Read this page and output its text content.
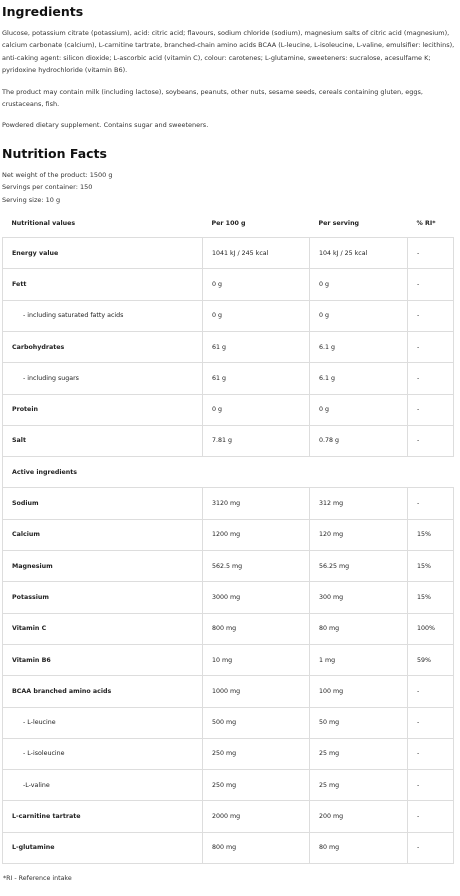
Ingredients

Glucose, potassium citrate (potassium), acid: citric acid; flavours, sodium chloride (sodium), magnesium salts of citric acid (magnesium), calcium carbonate (calcium), L-carnitine tartrate, branched-chain amino acids BCAA (L-leucine, L-isoleucine, L-valine, emulsifier: lecithins), anti-caking agent: silicon dioxide; L-ascorbic acid (vitamin C), colour: carotenes; L-glutamine, sweeteners: sucralose, acesulfame K; pyridoxine hydrochloride (vitamin B6).

The product may contain milk (including lactose), soybeans, peanuts, other nuts, sesame seeds, cereals containing gluten, eggs, crustaceans, fish.

Powdered dietary supplement. Contains sugar and sweeteners.

Nutrition Facts

Net weight of the product: 1500 g

Servings per container: 150

Serving size: 10 g

Nutritional values	Per 100 g	Per serving	% RI*
Energy value	1041 kJ / 245 kcal	104 kJ / 25 kcal	-
Fett	0 g	0 g	-
- including saturated fatty acids	0 g	0 g	-
Carbohydrates	61 g	6.1 g	-
- including sugars	61 g	6.1 g	-
Protein	0 g	0 g	-
Salt	7.81 g	0.78 g	-
Active ingredients			
Sodium	3120 mg	312 mg	-
Calcium	1200 mg	120 mg	15%
Magnesium	562.5 mg	56.25 mg	15%
Potassium	3000 mg	300 mg	15%
Vitamin C	800 mg	80 mg	100%
Vitamin B6	10 mg	1 mg	59%
BCAA branched amino acids	1000 mg	100 mg	-
- L-leucine	500 mg	50 mg	-
- L-isoleucine	250 mg	25 mg	-
-L-valine	250 mg	25 mg	-
L-carnitine tartrate	2000 mg	200 mg	-
L-glutamine	800 mg	80 mg	-
*RI - Reference intake
